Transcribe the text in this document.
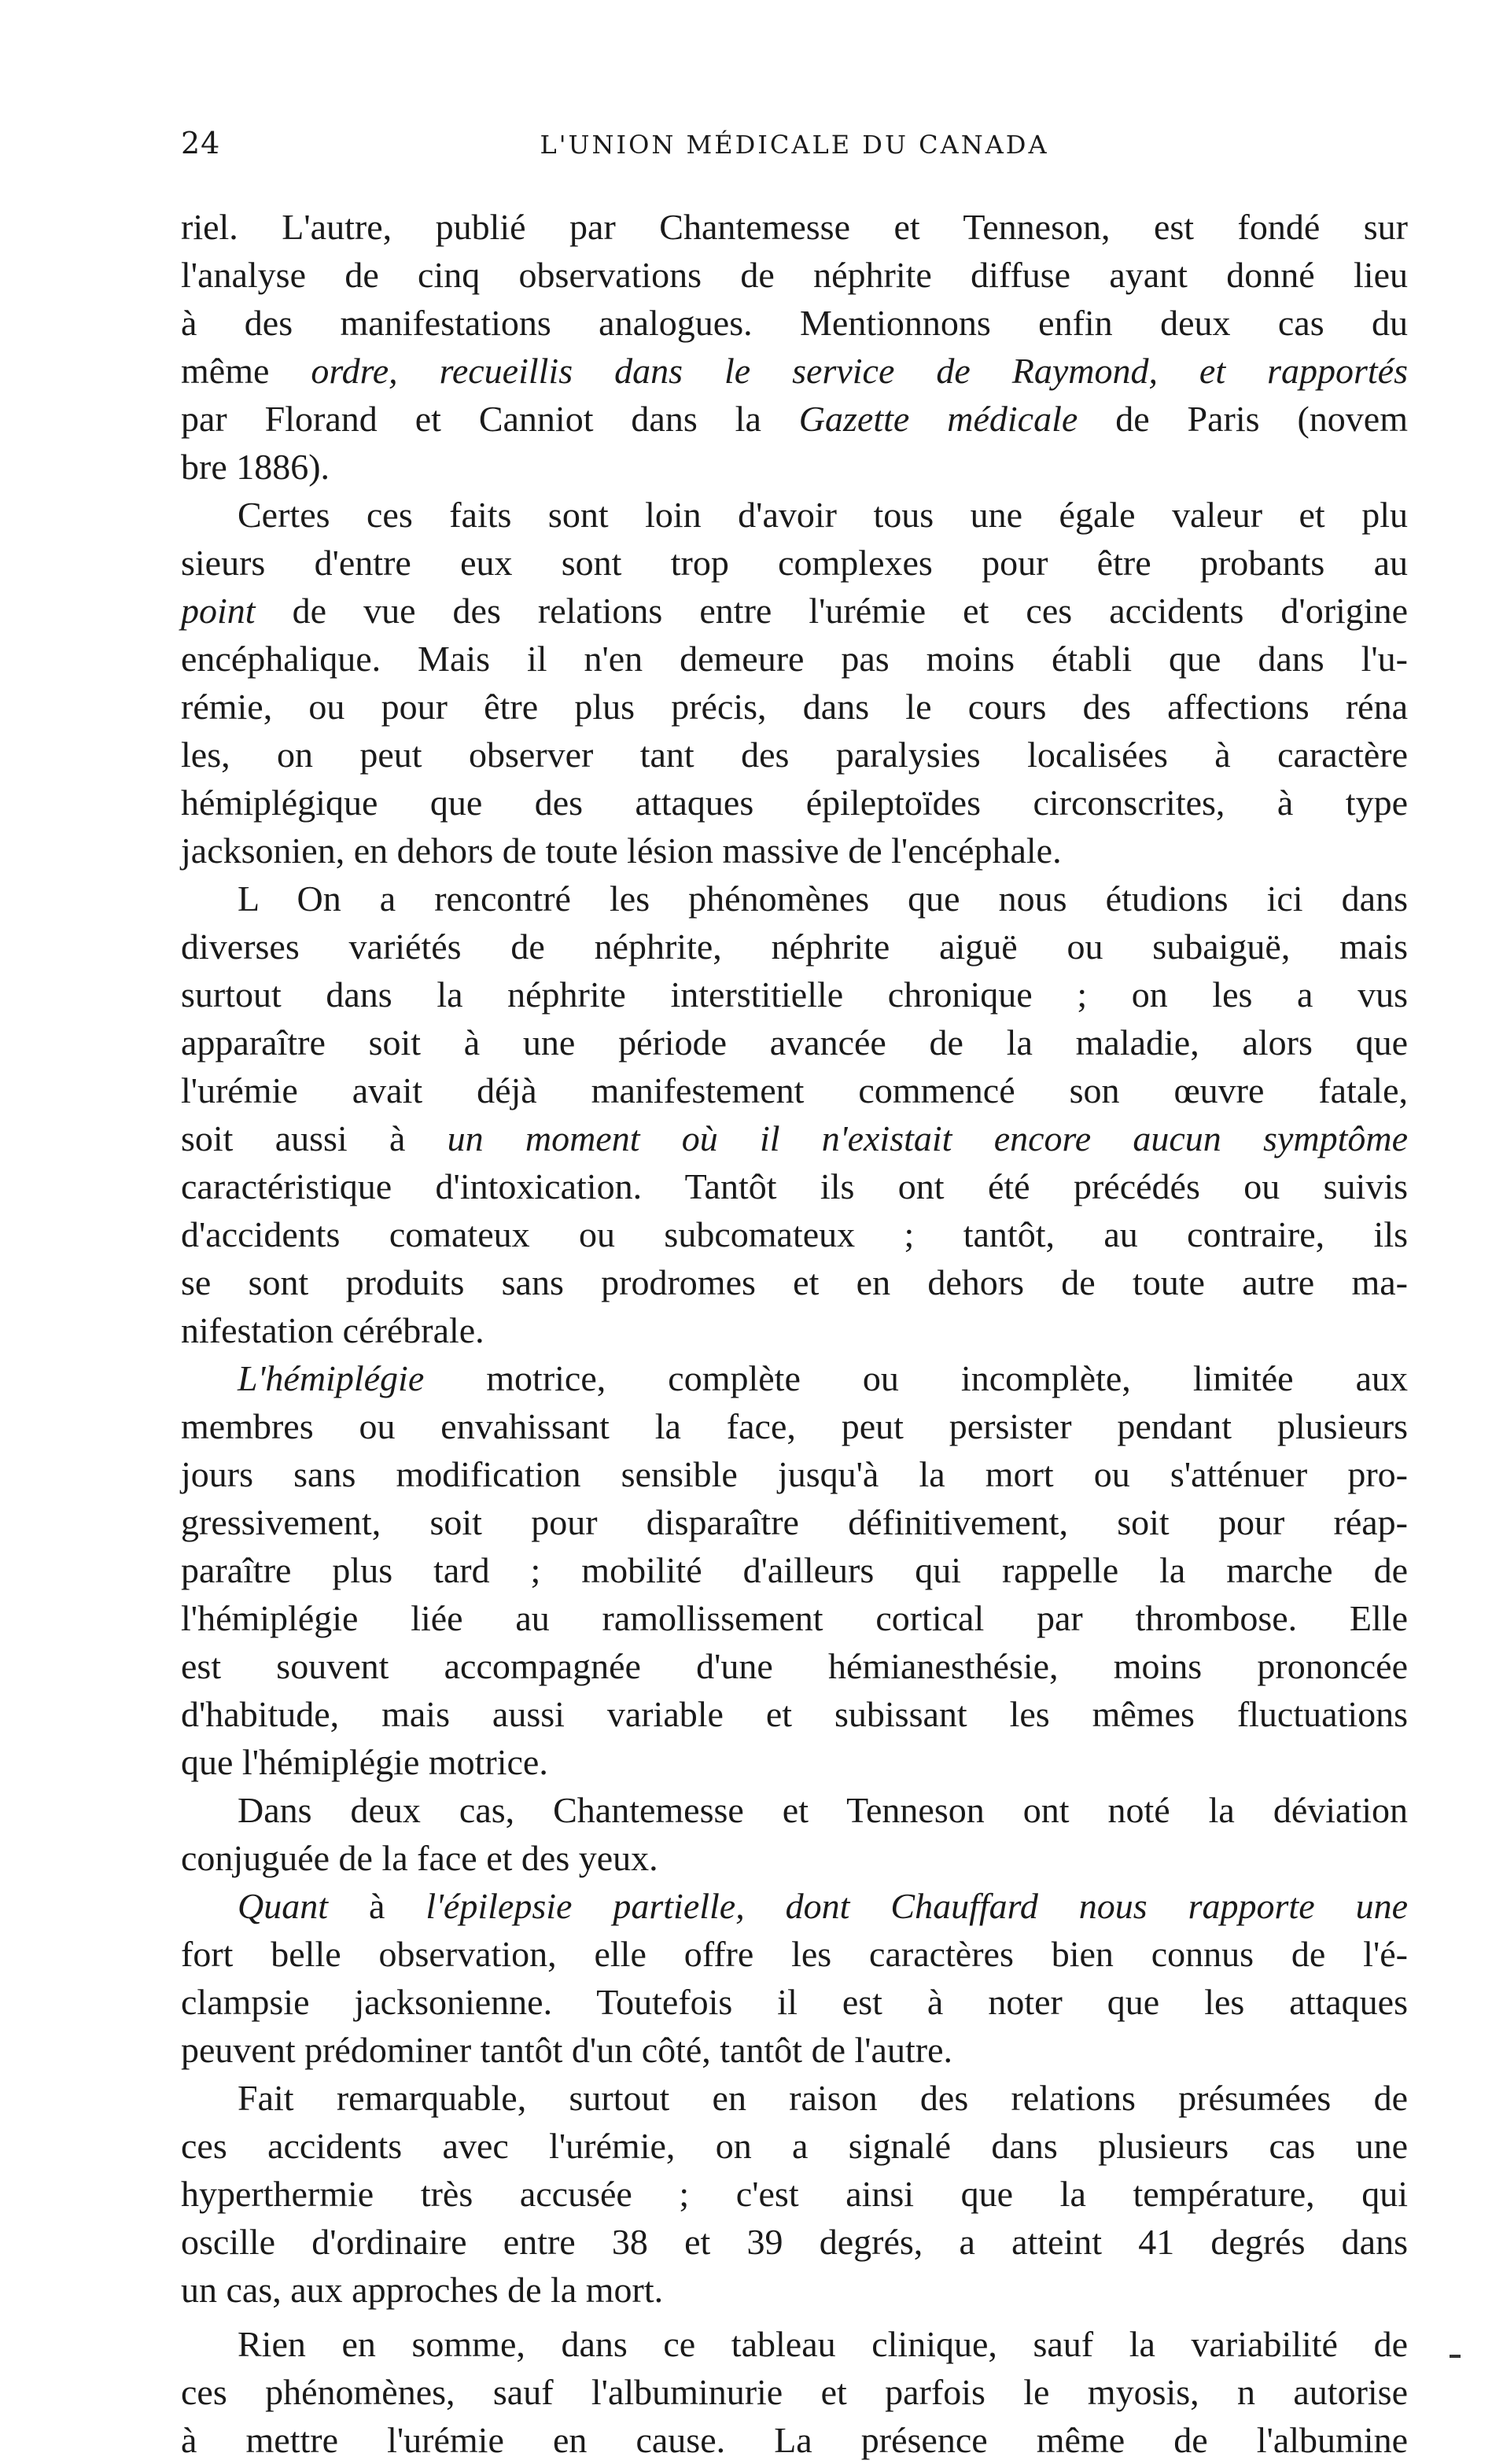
24	L'UNION MÉDICALE DU CANADA
riel. L'autre, publié par Chantemesse et Tenneson, est fondé sur
l'analyse de cinq observations de néphrite diffuse ayant donné lieu
à des manifestations analogues. Mentionnons enfin deux cas du
même ordre, recueillis dans le service de Raymond, et rapportés
par Florand et Canniot dans la Gazette médicale de Paris (novem
bre 1886).
Certes ces faits sont loin d'avoir tous une égale valeur et plu
sieurs d'entre eux sont trop complexes pour être probants au
point de vue des relations entre l'urémie et ces accidents d'origine
encéphalique. Mais il n'en demeure pas moins établi que dans l'u-
rémie, ou pour être plus précis, dans le cours des affections réna
les, on peut observer tant des paralysies localisées à caractère
hémiplégique que des attaques épileptoïdes circonscrites, à type
jacksonien, en dehors de toute lésion massive de l'encéphale.
L On a rencontré les phénomènes que nous étudions ici dans
diverses variétés de néphrite, néphrite aiguë ou subaiguë, mais
surtout dans la néphrite interstitielle chronique ; on les a vus
apparaître soit à une période avancée de la maladie, alors que
l'urémie avait déjà manifestement commencé son œuvre fatale,
soit aussi à un moment où il n'existait encore aucun symptôme
caractéristique d'intoxication. Tantôt ils ont été précédés ou suivis
d'accidents comateux ou subcomateux ; tantôt, au contraire, ils
se sont produits sans prodromes et en dehors de toute autre ma-
nifestation cérébrale.
L'hémiplégie motrice, complète ou incomplète, limitée aux
membres ou envahissant la face, peut persister pendant plusieurs
jours sans modification sensible jusqu'à la mort ou s'atténuer pro-
gressivement, soit pour disparaître définitivement, soit pour réap-
paraître plus tard ; mobilité d'ailleurs qui rappelle la marche de
l'hémiplégie liée au ramollissement cortical par thrombose. Elle
est souvent accompagnée d'une hémianesthésie, moins prononcée
d'habitude, mais aussi variable et subissant les mêmes fluctuations
que l'hémiplégie motrice.
Dans deux cas, Chantemesse et Tenneson ont noté la déviation
conjuguée de la face et des yeux.
Quant à l'épilepsie partielle, dont Chauffard nous rapporte une
fort belle observation, elle offre les caractères bien connus de l'é-
clampsie jacksonienne. Toutefois il est à noter que les attaques
peuvent prédominer tantôt d'un côté, tantôt de l'autre.
Fait remarquable, surtout en raison des relations présumées de
ces accidents avec l'urémie, on a signalé dans plusieurs cas une
hyperthermie très accusée ; c'est ainsi que la température, qui
oscille d'ordinaire entre 38 et 39 degrés, a atteint 41 degrés dans
un cas, aux approches de la mort.
Rien en somme, dans ce tableau clinique, sauf la variabilité de
ces phénomènes, sauf l'albuminurie et parfois le myosis, n autorise
à mettre l'urémie en cause. La présence même de l'albumine
